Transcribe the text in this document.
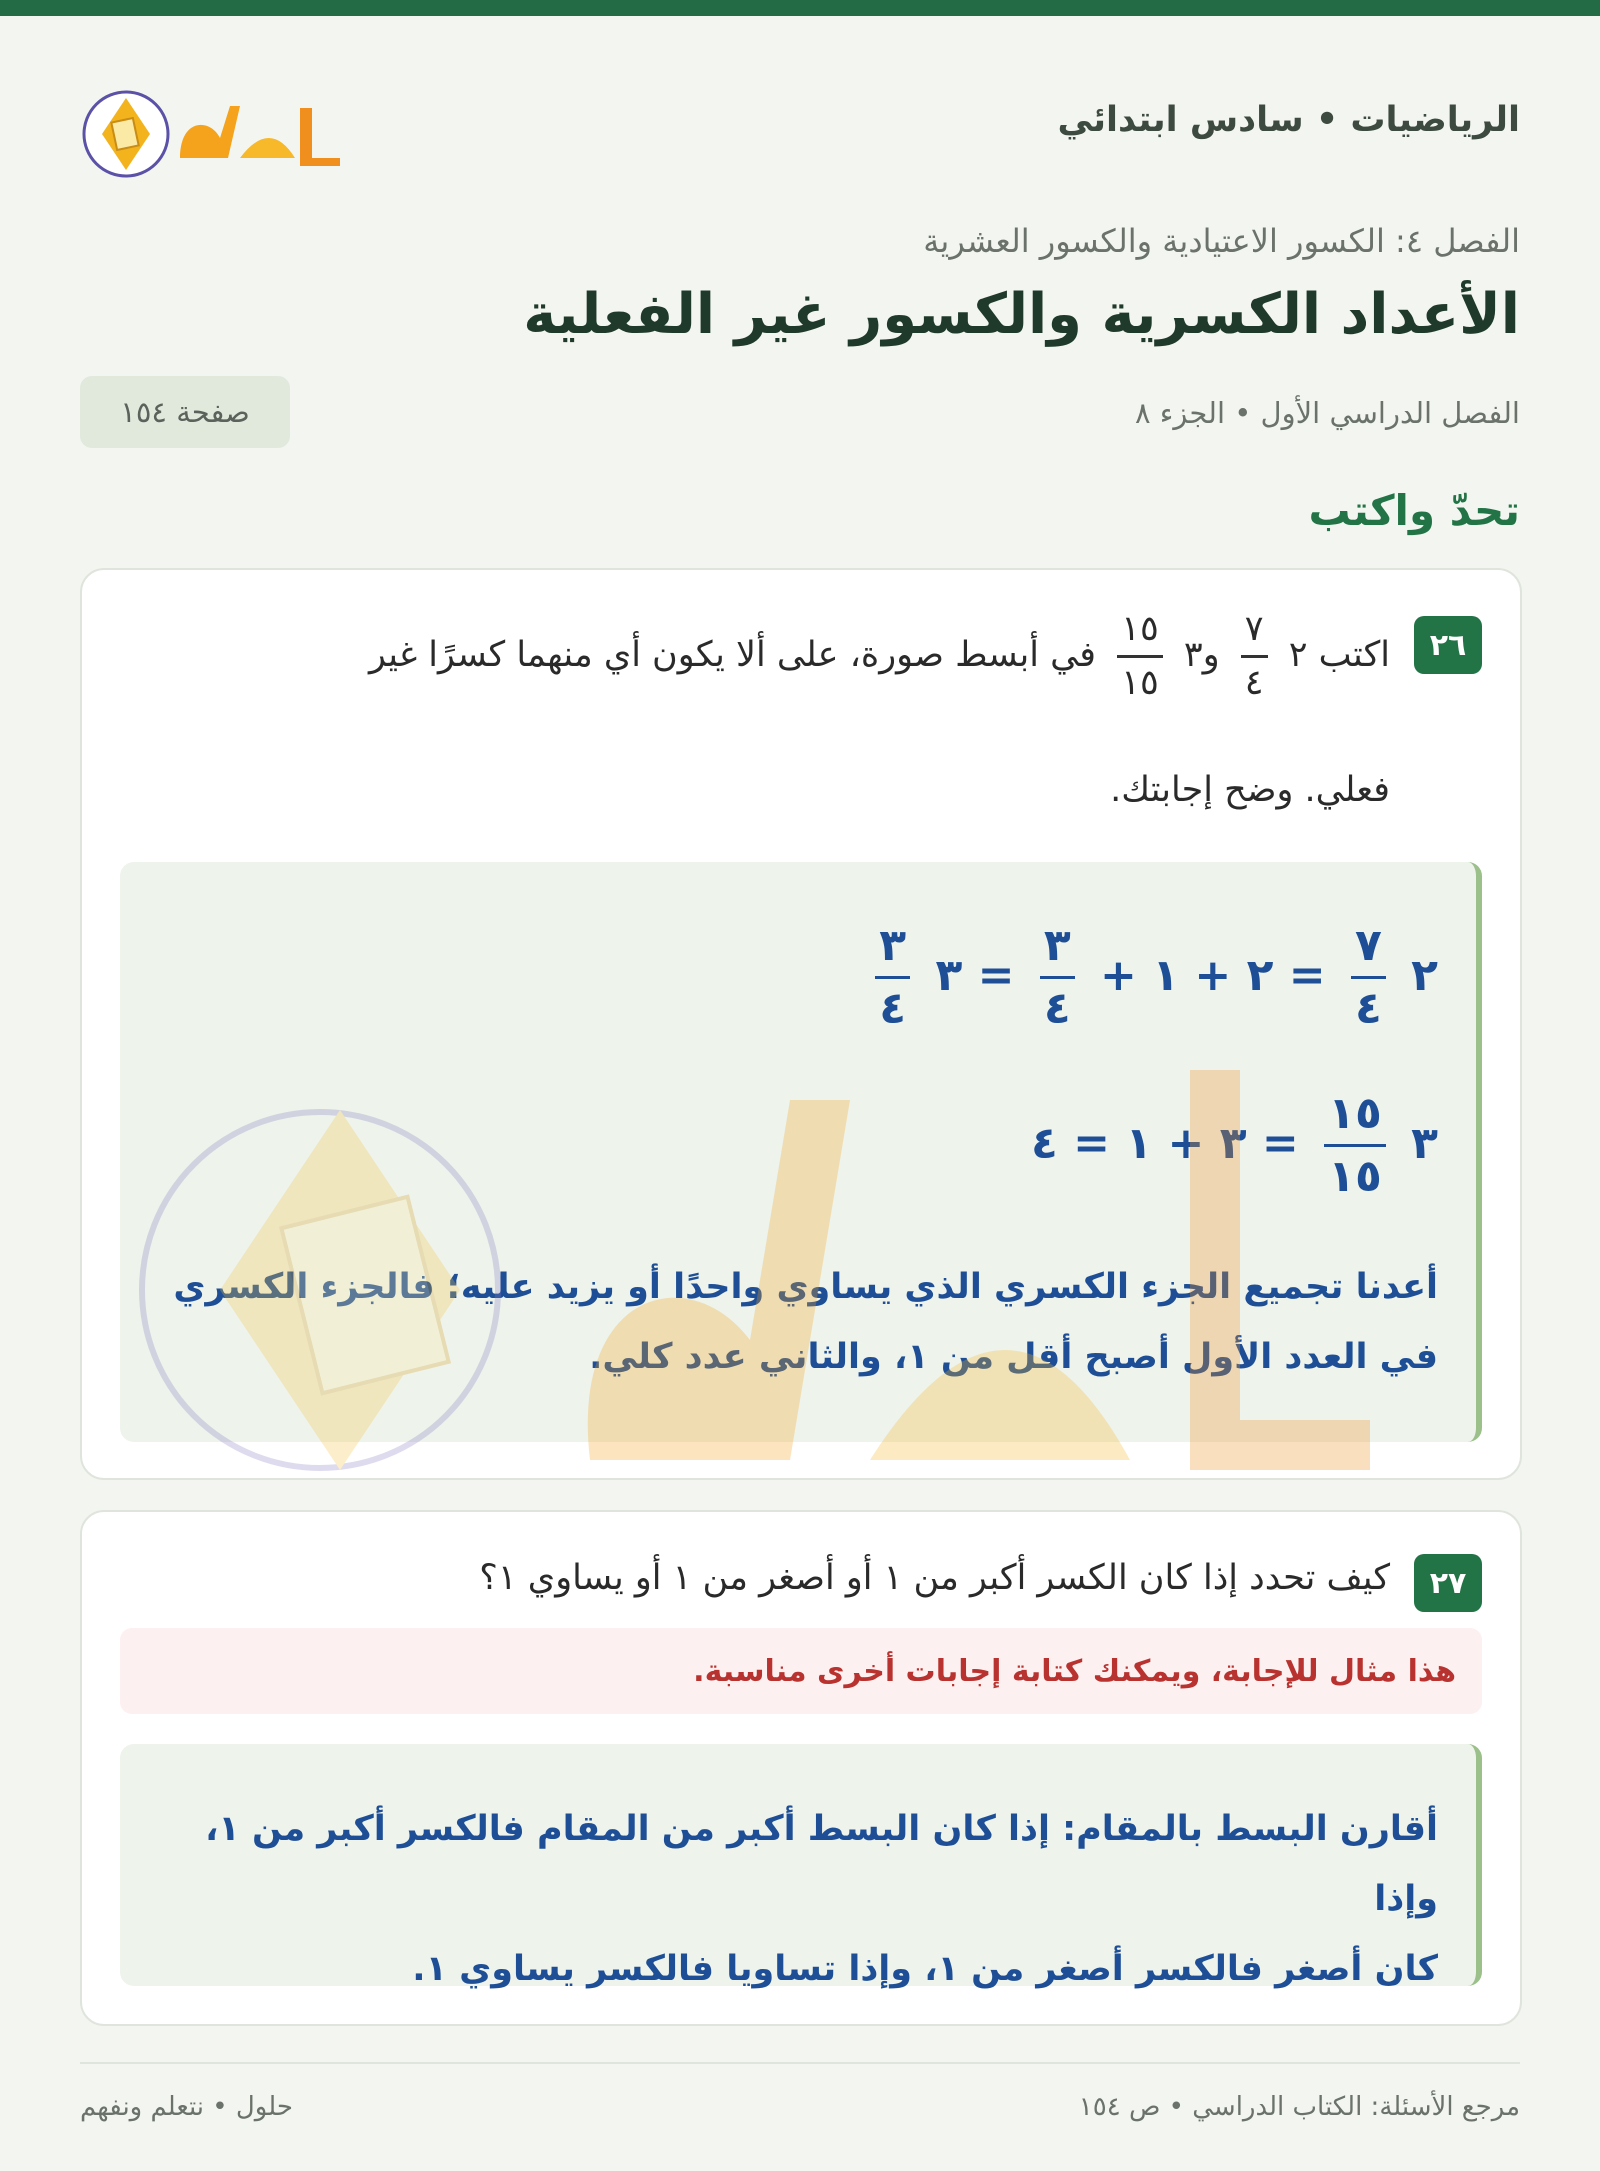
الرياضيات • سادس ابتدائي
الفصل ٤: الكسور الاعتيادية والكسور العشرية
الأعداد الكسرية والكسور غير الفعلية
الفصل الدراسي الأول • الجزء ٨
صفحة ١٥٤
تحدّ واكتب
٢٦
اكتب ٢
$\frac{٧}{٤}$
و٣
$\frac{١٥}{١٥}$
في أبسط صورة، على ألا يكون أي منهما كسرًا غير
فعلي. وضح إجابتك.
٢
$\frac{٧}{٤}$
= ٢ + ١ +
$\frac{٣}{٤}$
= ٣
$\frac{٣}{٤}$
٣
$\frac{١٥}{١٥}$
= ٣ + ١ = ٤
أعدنا تجميع الجزء الكسري الذي يساوي واحدًا أو يزيد عليه؛ فالجزء الكسري
في العدد الأول أصبح أقل من ١، والثاني عدد كلي.
٢٧
كيف تحدد إذا كان الكسر أكبر من ١ أو أصغر من ١ أو يساوي ١؟
هذا مثال للإجابة، ويمكنك كتابة إجابات أخرى مناسبة.
أقارن البسط بالمقام: إذا كان البسط أكبر من المقام فالكسر أكبر من ١، وإذا
كان أصغر فالكسر أصغر من ١، وإذا تساويا فالكسر يساوي ١.
مرجع الأسئلة: الكتاب الدراسي • ص ١٥٤
حلول • نتعلم ونفهم
